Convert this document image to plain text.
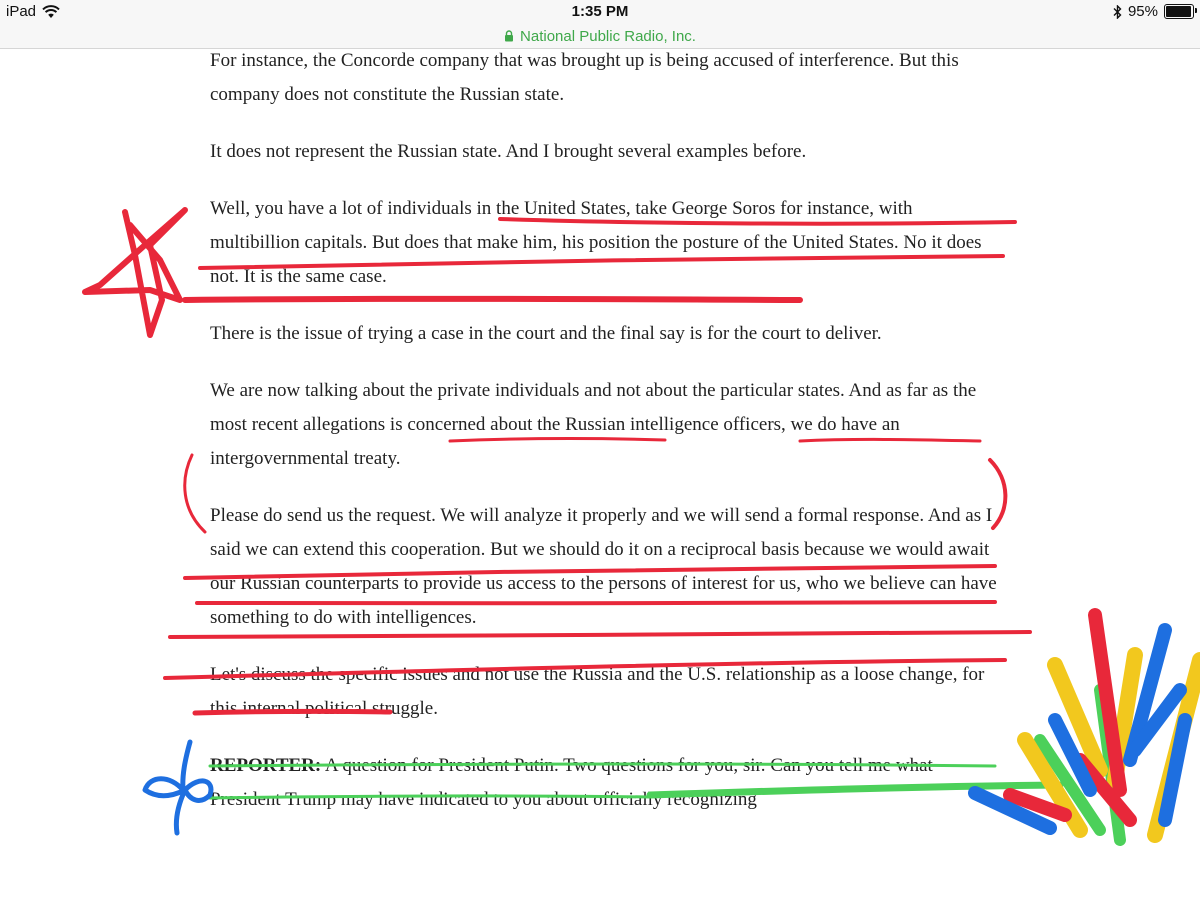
iPad	1:35 PM	95%
National Public Radio, Inc.

For instance, the Concorde company that was brought up is being accused of interference. But this company does not constitute the Russian state.

It does not represent the Russian state. And I brought several examples before.

Well, you have a lot of individuals in the United States, take George Soros for instance, with multibillion capitals. But does that make him, his position the posture of the United States. No it does not. It is the same case.

There is the issue of trying a case in the court and the final say is for the court to deliver.

We are now talking about the private individuals and not about the particular states. And as far as the most recent allegations is concerned about the Russian intelligence officers, we do have an intergovernmental treaty.

Please do send us the request. We will analyze it properly and we will send a formal response. And as I said we can extend this cooperation. But we should do it on a reciprocal basis because we would await our Russian counterparts to provide us access to the persons of interest for us, who we believe can have something to do with intelligences.

Let's discuss the specific issues and not use the Russia and the U.S. relationship as a loose change, for this internal political struggle.

REPORTER: A question for President Putin. Two questions for you, sir. Can you tell me what President Trump may have indicated to you about officially recognizing
